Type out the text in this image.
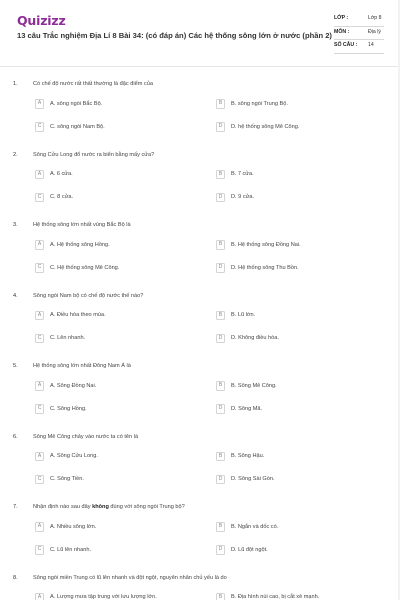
Quizizz
13 câu Trắc nghiệm Địa Lí 8 Bài 34: (có đáp án) Các hệ thống sông lớn ở nước (phần 2)
LỚP :	Lớp 8
MÔN :	Địa lý
SỐ CÂU : 14
1.	Có chế độ nước rất thất thường là đặc điểm của
A	A. sông ngòi Bắc Bộ.	B	B. sông ngòi Trung Bộ.
C	C. sông ngòi Nam Bộ.	D	D. hệ thống sông Mê Công.
2.	Sông Cửu Long đổ nước ra biển bằng mấy cửa?
A	A. 6 cửa.	B	B. 7 cửa.
C	C. 8 cửa.	D	D. 9 cửa.
3.	Hệ thống sông lớn nhất vùng Bắc Bộ là
A	A. Hệ thống sông Hồng.	B	B. Hệ thống sông Đồng Nai.
C	C. Hệ thống sông Mê Công.	D	D. Hệ thống sông Thu Bồn.
4.	Sông ngòi Nam bộ có chế độ nước thế nào?
A	A. Điều hòa theo mùa.	B	B. Lũ lớn.
C	C. Lên nhanh.	D	D. Không điều hòa.
5.	Hệ thống sông lớn nhất Đông Nam Á là
A	A. Sông Đồng Nai.	B	B. Sông Mê Công.
C	C. Sông Hồng.	D	D. Sông Mã.
6.	Sông Mê Công chảy vào nước ta có tên là
A	A. Sông Cửu Long.	B	B. Sông Hậu.
C	C. Sông Tiền.	D	D. Sông Sài Gòn.
7.	Nhận định nào sau đây không đúng với sông ngòi Trung bộ?
A	A. Nhiều sông lớn.	B	B. Ngắn và dốc có.
C	C. Lũ lên nhanh.	D	D. Lũ đột ngột.
8.	Sông ngòi miền Trung có lũ lên nhanh và đột ngột, nguyên nhân chủ yếu là do
A	A. Lượng mưa tập trung với lưu lượng lớn.	B	B. Địa hình núi cao, bị cắt xẻ mạnh.
